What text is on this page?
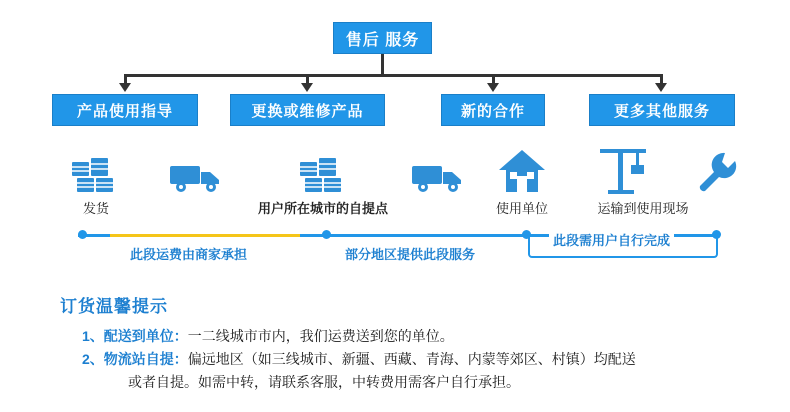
售后 服务
产品使用指导	更换或维修产品	新的合作	更多其他服务
发货	用户所在城市的自提点	使用单位	运输到使用现场
此段运费由商家承担	部分地区提供此段服务
此段需用户自行完成
订货温馨提示
1、 配送到单位： 一二线城市市内，我们运费送到您的单位。
2、 物流站自提： 偏远地区（如三线城市、新疆、西藏、青海、内蒙等郊区、村镇）均配送
或者自提。如需中转，请联系客服，中转费用需客户自行承担。
